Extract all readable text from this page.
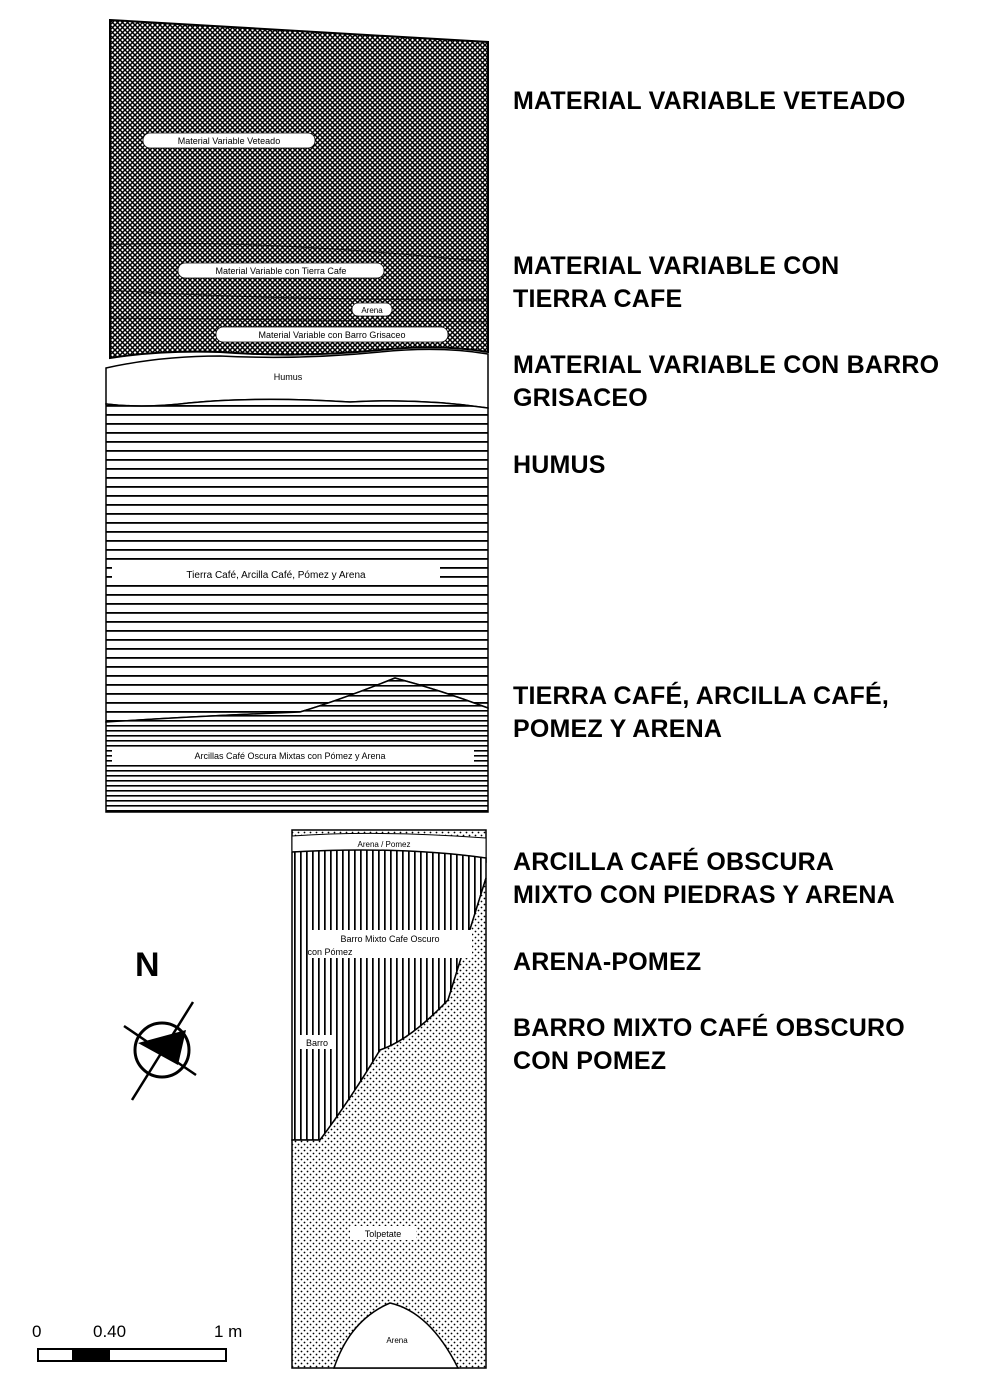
Material Variable Veteado
Material Variable con Tierra Cafe
Arena
Material Variable con Barro Grisaceo
Humus
Tierra Café, Arcilla Café, Pómez y Arena
Arcillas Café Oscura Mixtas con Pómez y Arena
Arena / Pomez
Barro Mixto Cafe Oscuro
con Pómez
Barro
Tolpetate
Arena
MATERIAL VARIABLE VETEADO
MATERIAL VARIABLE CON
TIERRA CAFE
MATERIAL VARIABLE CON BARRO
GRISACEO
HUMUS
TIERRA CAFÉ, ARCILLA CAFÉ,
POMEZ Y ARENA
ARCILLA CAFÉ OBSCURA
MIXTO CON PIEDRAS Y ARENA
ARENA-POMEZ
BARRO MIXTO CAFÉ OBSCURO
CON POMEZ
N
0	0.40	1 m
